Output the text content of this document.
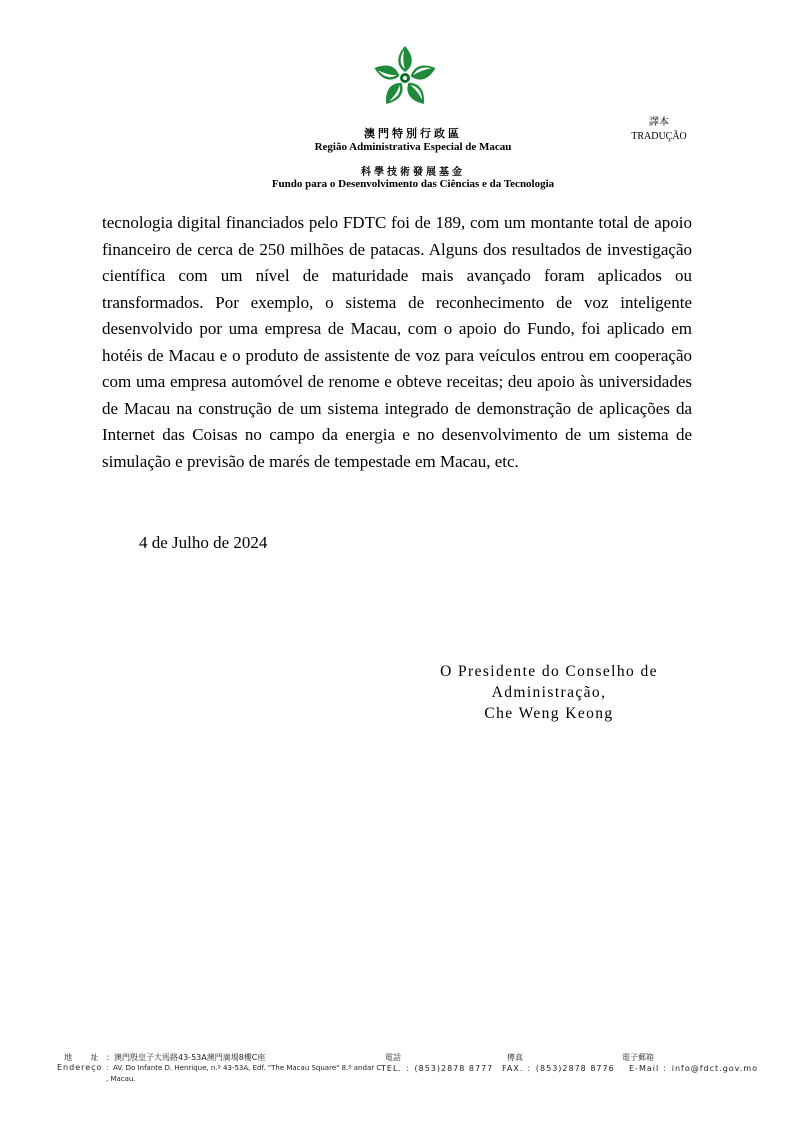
澳門特別行政區
Região Administrativa Especial de Macau
科學技術發展基金
Fundo para o Desenvolvimento das Ciências e da Tecnologia
譯本
TRADUÇÃO

tecnologia digital financiados pelo FDTC foi de 189, com um montante total de apoio financeiro de cerca de 250 milhões de patacas. Alguns dos resultados de investigação científica com um nível de maturidade mais avançado foram aplicados ou transformados. Por exemplo, o sistema de reconhecimento de voz inteligente desenvolvido por uma empresa de Macau, com o apoio do Fundo, foi aplicado em hotéis de Macau e o produto de assistente de voz para veículos entrou em cooperação com uma empresa automóvel de renome e obteve receitas; deu apoio às universidades de Macau na construção de um sistema integrado de demonstração de aplicações da Internet das Coisas no campo da energia e no desenvolvimento de um sistema de simulação e previsão de marés de tempestade em Macau, etc.

4 de Julho de 2024
O Presidente do Conselho de
Administração,
Che Weng Keong
地 址 ：澳門殷皇子大馬路43-53A澳門廣場8樓C座
Endereço ：AV. Do Infante D. Henrique, n.º 43-53A, Edf. "The Macau Square" 8.º andar C
, Macau.
電話
TEL. ：(853)2878 8777
傳真
FAX. ：(853)2878 8776
電子郵箱
E-Mail ：info@fdct.gov.mo
